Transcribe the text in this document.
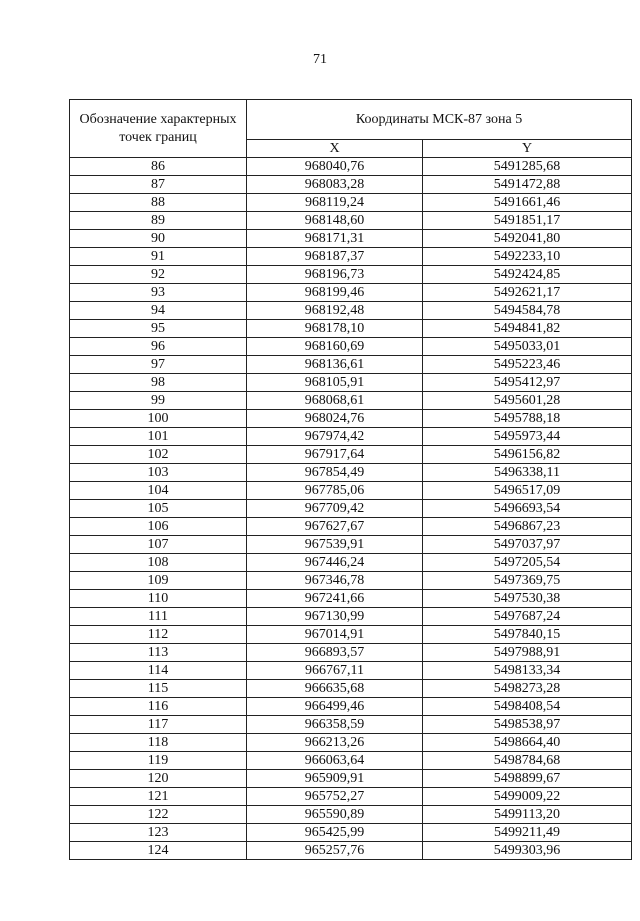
71
Обозначение характерных точек границ	Координаты МСК-87 зона 5	
	X	Y
86	968040,76	5491285,68
87	968083,28	5491472,88
88	968119,24	5491661,46
89	968148,60	5491851,17
90	968171,31	5492041,80
91	968187,37	5492233,10
92	968196,73	5492424,85
93	968199,46	5492621,17
94	968192,48	5494584,78
95	968178,10	5494841,82
96	968160,69	5495033,01
97	968136,61	5495223,46
98	968105,91	5495412,97
99	968068,61	5495601,28
100	968024,76	5495788,18
101	967974,42	5495973,44
102	967917,64	5496156,82
103	967854,49	5496338,11
104	967785,06	5496517,09
105	967709,42	5496693,54
106	967627,67	5496867,23
107	967539,91	5497037,97
108	967446,24	5497205,54
109	967346,78	5497369,75
110	967241,66	5497530,38
111	967130,99	5497687,24
112	967014,91	5497840,15
113	966893,57	5497988,91
114	966767,11	5498133,34
115	966635,68	5498273,28
116	966499,46	5498408,54
117	966358,59	5498538,97
118	966213,26	5498664,40
119	966063,64	5498784,68
120	965909,91	5498899,67
121	965752,27	5499009,22
122	965590,89	5499113,20
123	965425,99	5499211,49
124	965257,76	5499303,96
